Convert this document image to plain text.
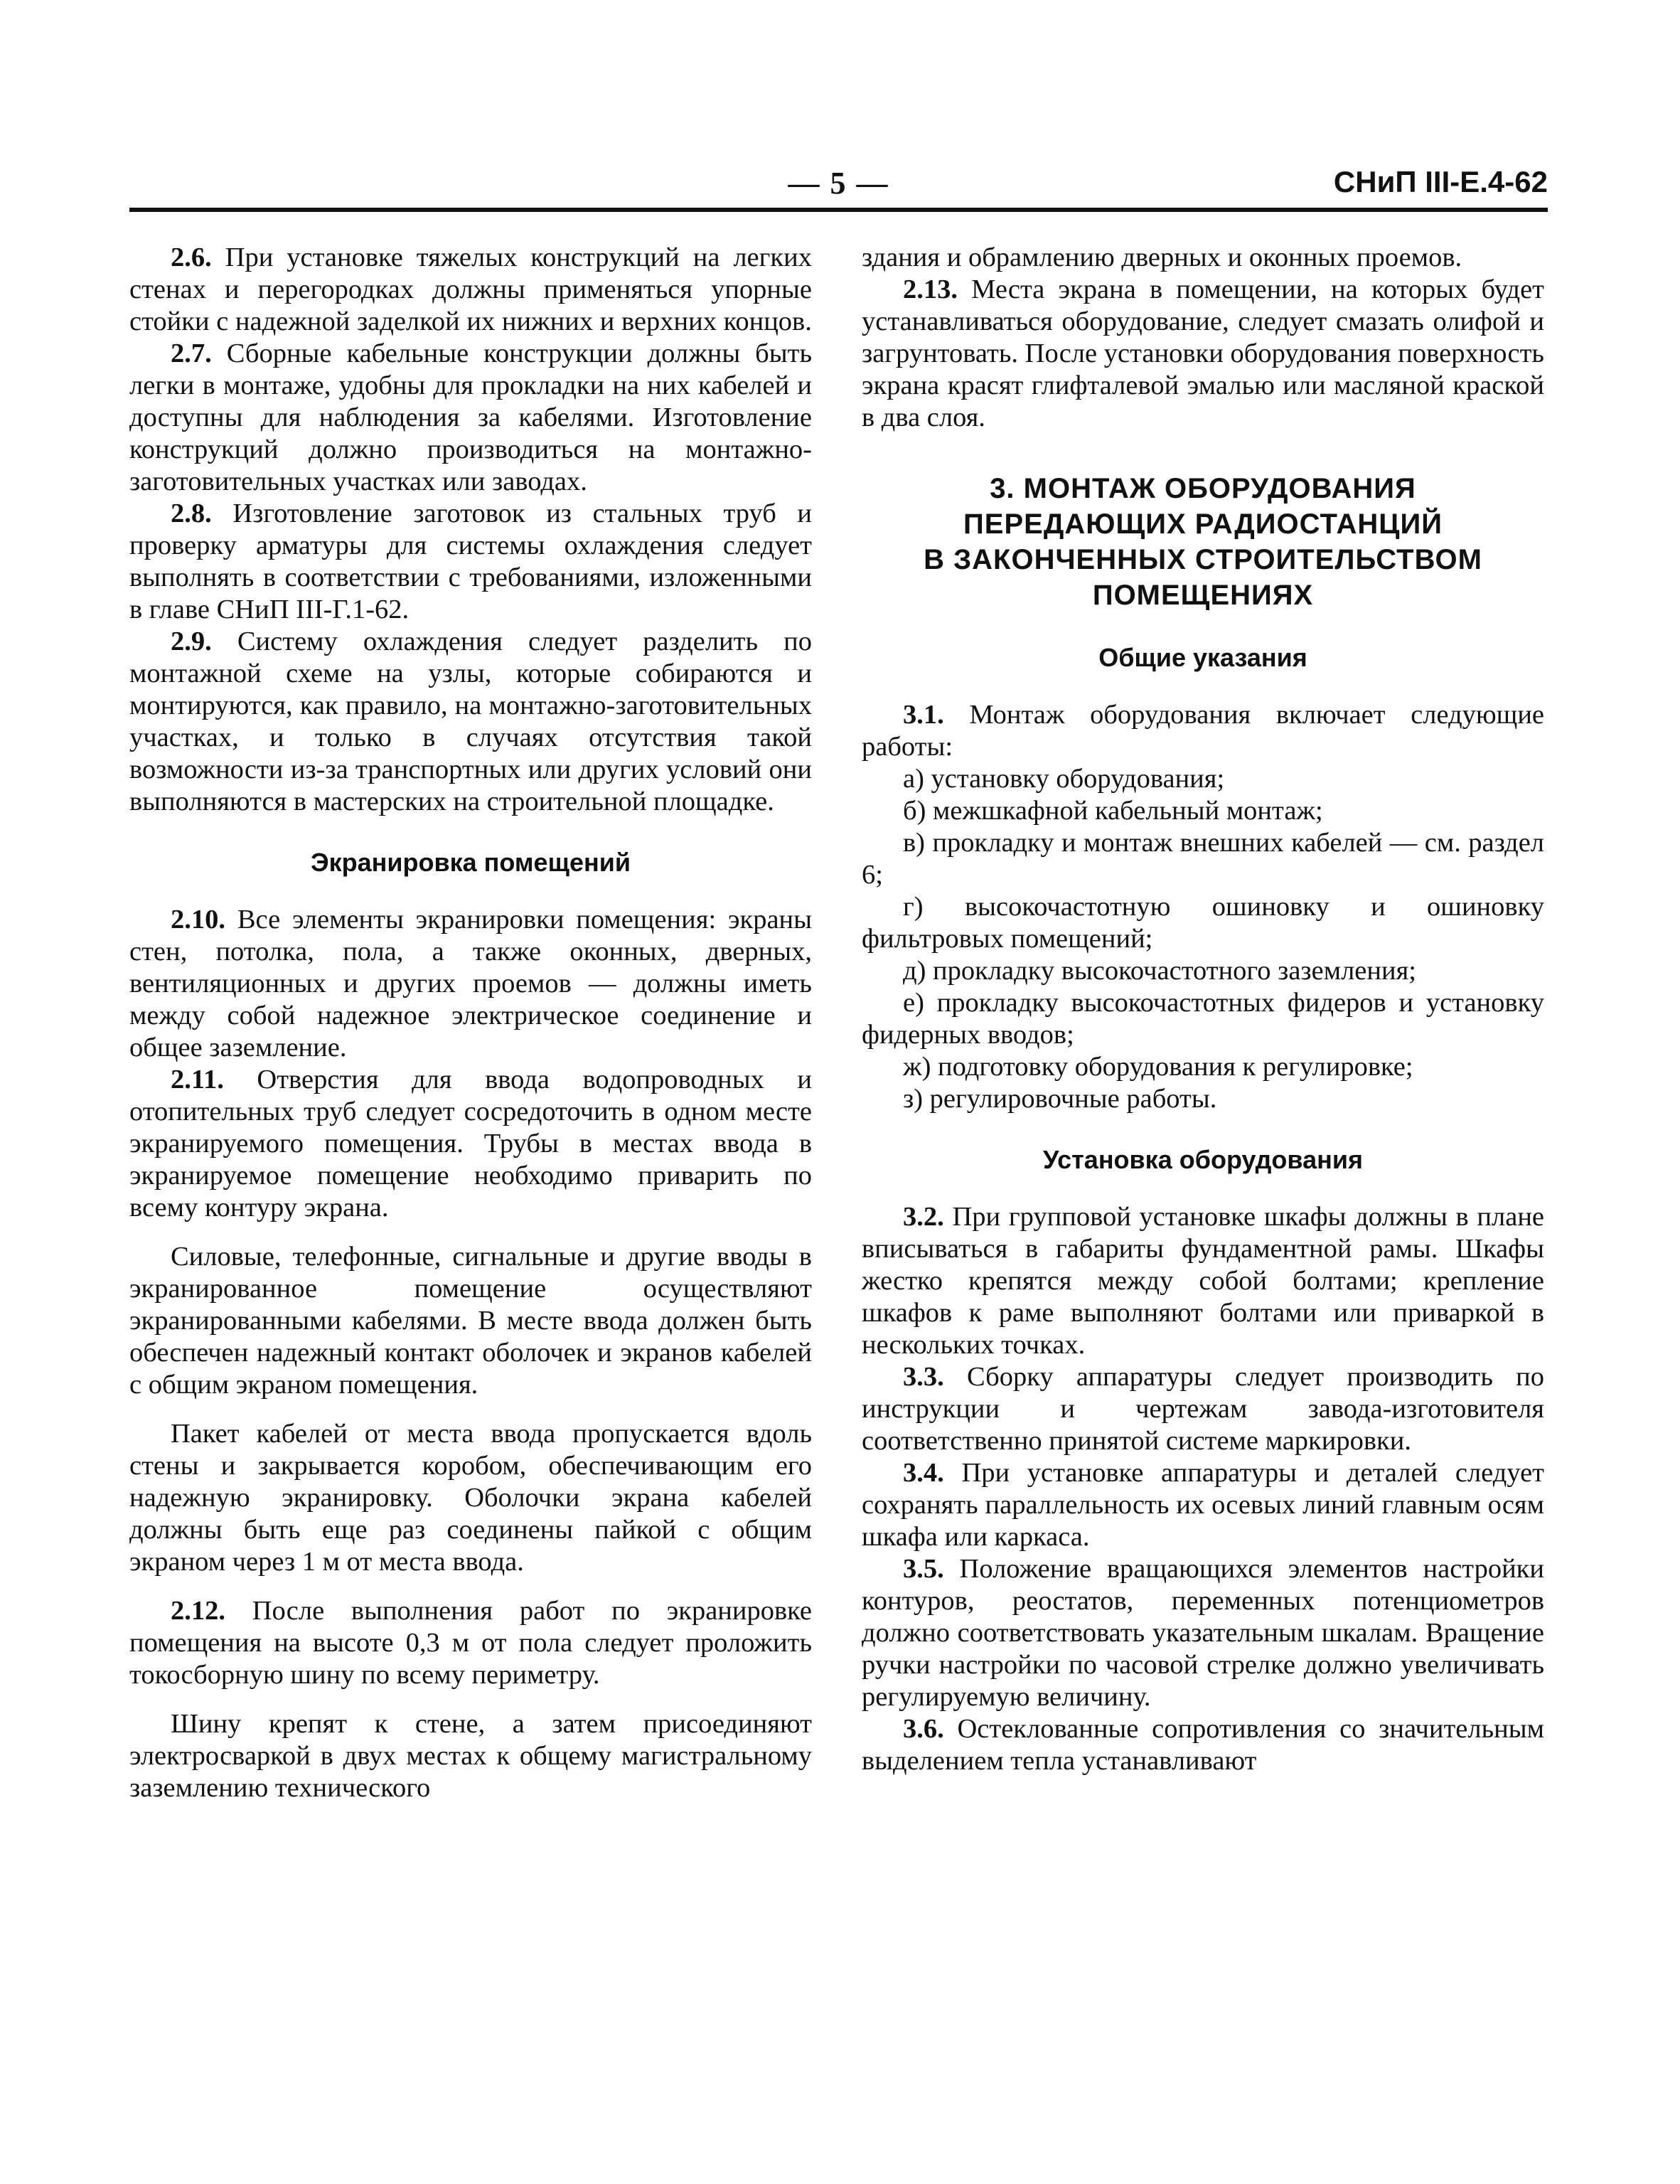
— 5 —	СНиП III-Е.4-62

2.6. При установке тяжелых конструкций на легких стенах и перегородках должны применяться упорные стойки с надежной заделкой их нижних и верхних концов.

2.7. Сборные кабельные конструкции должны быть легки в монтаже, удобны для прокладки на них кабелей и доступны для наблюдения за кабелями. Изготовление конструкций должно производиться на монтажно-заготовительных участках или заводах.

2.8. Изготовление заготовок из стальных труб и проверку арматуры для системы охлаждения следует выполнять в соответствии с требованиями, изложенными в главе СНиП III-Г.1-62.

2.9. Систему охлаждения следует разделить по монтажной схеме на узлы, которые собираются и монтируются, как правило, на монтажно-заготовительных участках, и только в случаях отсутствия такой возможности из-за транспортных или других условий они выполняются в мастерских на строительной площадке.

Экранировка помещений

2.10. Все элементы экранировки помещения: экраны стен, потолка, пола, а также оконных, дверных, вентиляционных и других проемов — должны иметь между собой надежное электрическое соединение и общее заземление.

2.11. Отверстия для ввода водопроводных и отопительных труб следует сосредоточить в одном месте экранируемого помещения. Трубы в местах ввода в экранируемое помещение необходимо приварить по всему контуру экрана.

Силовые, телефонные, сигнальные и другие вводы в экранированное помещение осуществляют экранированными кабелями. В месте ввода должен быть обеспечен надежный контакт оболочек и экранов кабелей с общим экраном помещения.

Пакет кабелей от места ввода пропускается вдоль стены и закрывается коробом, обеспечивающим его надежную экранировку. Оболочки экрана кабелей должны быть еще раз соединены пайкой с общим экраном через 1 м от места ввода.

2.12. После выполнения работ по экранировке помещения на высоте 0,3 м от пола следует проложить токосборную шину по всему периметру.

Шину крепят к стене, а затем присоединяют электросваркой в двух местах к общему магистральному заземлению технического

здания и обрамлению дверных и оконных проемов.

2.13. Места экрана в помещении, на которых будет устанавливаться оборудование, следует смазать олифой и загрунтовать. После установки оборудования поверхность экрана красят глифталевой эмалью или масляной краской в два слоя.

3. МОНТАЖ ОБОРУДОВАНИЯ
ПЕРЕДАЮЩИХ РАДИОСТАНЦИЙ
В ЗАКОНЧЕННЫХ СТРОИТЕЛЬСТВОМ
ПОМЕЩЕНИЯХ
Общие указания

3.1. Монтаж оборудования включает следующие работы:

а) установку оборудования;

б) межшкафной кабельный монтаж;

в) прокладку и монтаж внешних кабелей — см. раздел 6;

г) высокочастотную ошиновку и ошиновку фильтровых помещений;

д) прокладку высокочастотного заземления;

е) прокладку высокочастотных фидеров и установку фидерных вводов;

ж) подготовку оборудования к регулировке;

з) регулировочные работы.

Установка оборудования

3.2. При групповой установке шкафы должны в плане вписываться в габариты фундаментной рамы. Шкафы жестко крепятся между собой болтами; крепление шкафов к раме выполняют болтами или приваркой в нескольких точках.

3.3. Сборку аппаратуры следует производить по инструкции и чертежам завода-изготовителя соответственно принятой системе маркировки.

3.4. При установке аппаратуры и деталей следует сохранять параллельность их осевых линий главным осям шкафа или каркаса.

3.5. Положение вращающихся элементов настройки контуров, реостатов, переменных потенциометров должно соответствовать указательным шкалам. Вращение ручки настройки по часовой стрелке должно увеличивать регулируемую величину.

3.6. Остеклованные сопротивления со значительным выделением тепла устанавливают
